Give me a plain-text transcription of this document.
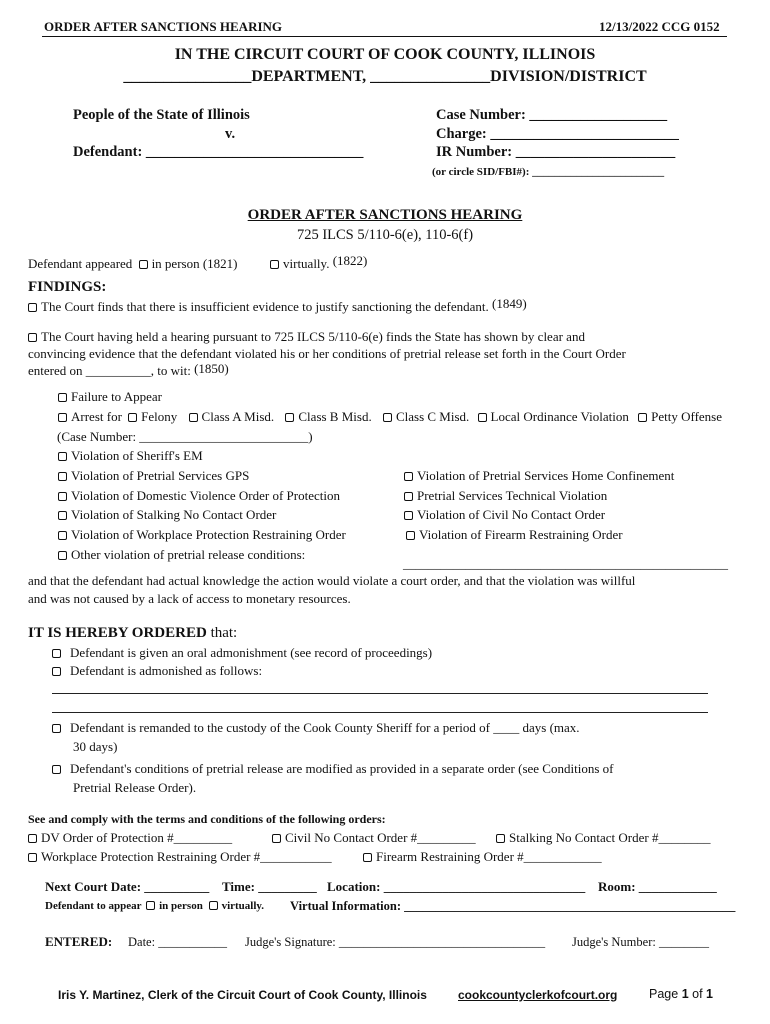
ORDER AFTER SANCTIONS HEARING	12/13/2022 CCG 0152
IN THE CIRCUIT COURT OF COOK COUNTY, ILLINOIS
________________DEPARTMENT, _______________DIVISION/DISTRICT
People of the State of Illinois
v.
Defendant: ______________________________
Case Number: ___________________
Charge: __________________________
IR Number: ______________________
(or circle SID/FBI#): ________________________
ORDER AFTER SANCTIONS HEARING
725 ILCS 5/110-6(e), 110-6(f)
Defendant appeared in person (1821)	virtually. (1822)
FINDINGS:
The Court finds that there is insufficient evidence to justify sanctioning the defendant. (1849)
The Court having held a hearing pursuant to 725 ILCS 5/110-6(e) finds the State has shown by clear and
convincing evidence that the defendant violated his or her conditions of pretrial release set forth in the Court Order
entered on __________, to wit: (1850)
Failure to Appear
Arrest for Felony Class A Misd. Class B Misd. Class C Misd. Local Ordinance Violation Petty Offense
(Case Number: __________________________)
Violation of Sheriff's EM
Violation of Pretrial Services GPS	Violation of Pretrial Services Home Confinement
Violation of Domestic Violence Order of Protection	Pretrial Services Technical Violation
Violation of Stalking No Contact Order	Violation of Civil No Contact Order
Violation of Workplace Protection Restraining Order	Violation of Firearm Restraining Order
Other violation of pretrial release conditions:
____________________________________________________
and that the defendant had actual knowledge the action would violate a court order, and that the violation was willful
and was not caused by a lack of access to monetary resources.
IT IS HEREBY ORDERED that:
Defendant is given an oral admonishment (see record of proceedings)
Defendant is admonished as follows:
Defendant is remanded to the custody of the Cook County Sheriff for a period of ____ days (max.
30 days)
Defendant's conditions of pretrial release are modified as provided in a separate order (see Conditions of
Pretrial Release Order).
See and comply with the terms and conditions of the following orders:
DV Order of Protection #_________	Civil No Contact Order #_________	Stalking No Contact Order #________
Workplace Protection Restraining Order #___________	Firearm Restraining Order #____________
Next Court Date: __________ Time: _________ Location: _______________________________ Room: ____________
Defendant to appear in person virtually. Virtual Information: _____________________________________________________
ENTERED: Date: ___________ Judge's Signature: _________________________________ Judge's Number: ________
Iris Y. Martinez, Clerk of the Circuit Court of Cook County, Illinois	cookcountyclerkofcourt.org	Page 1 of 1
